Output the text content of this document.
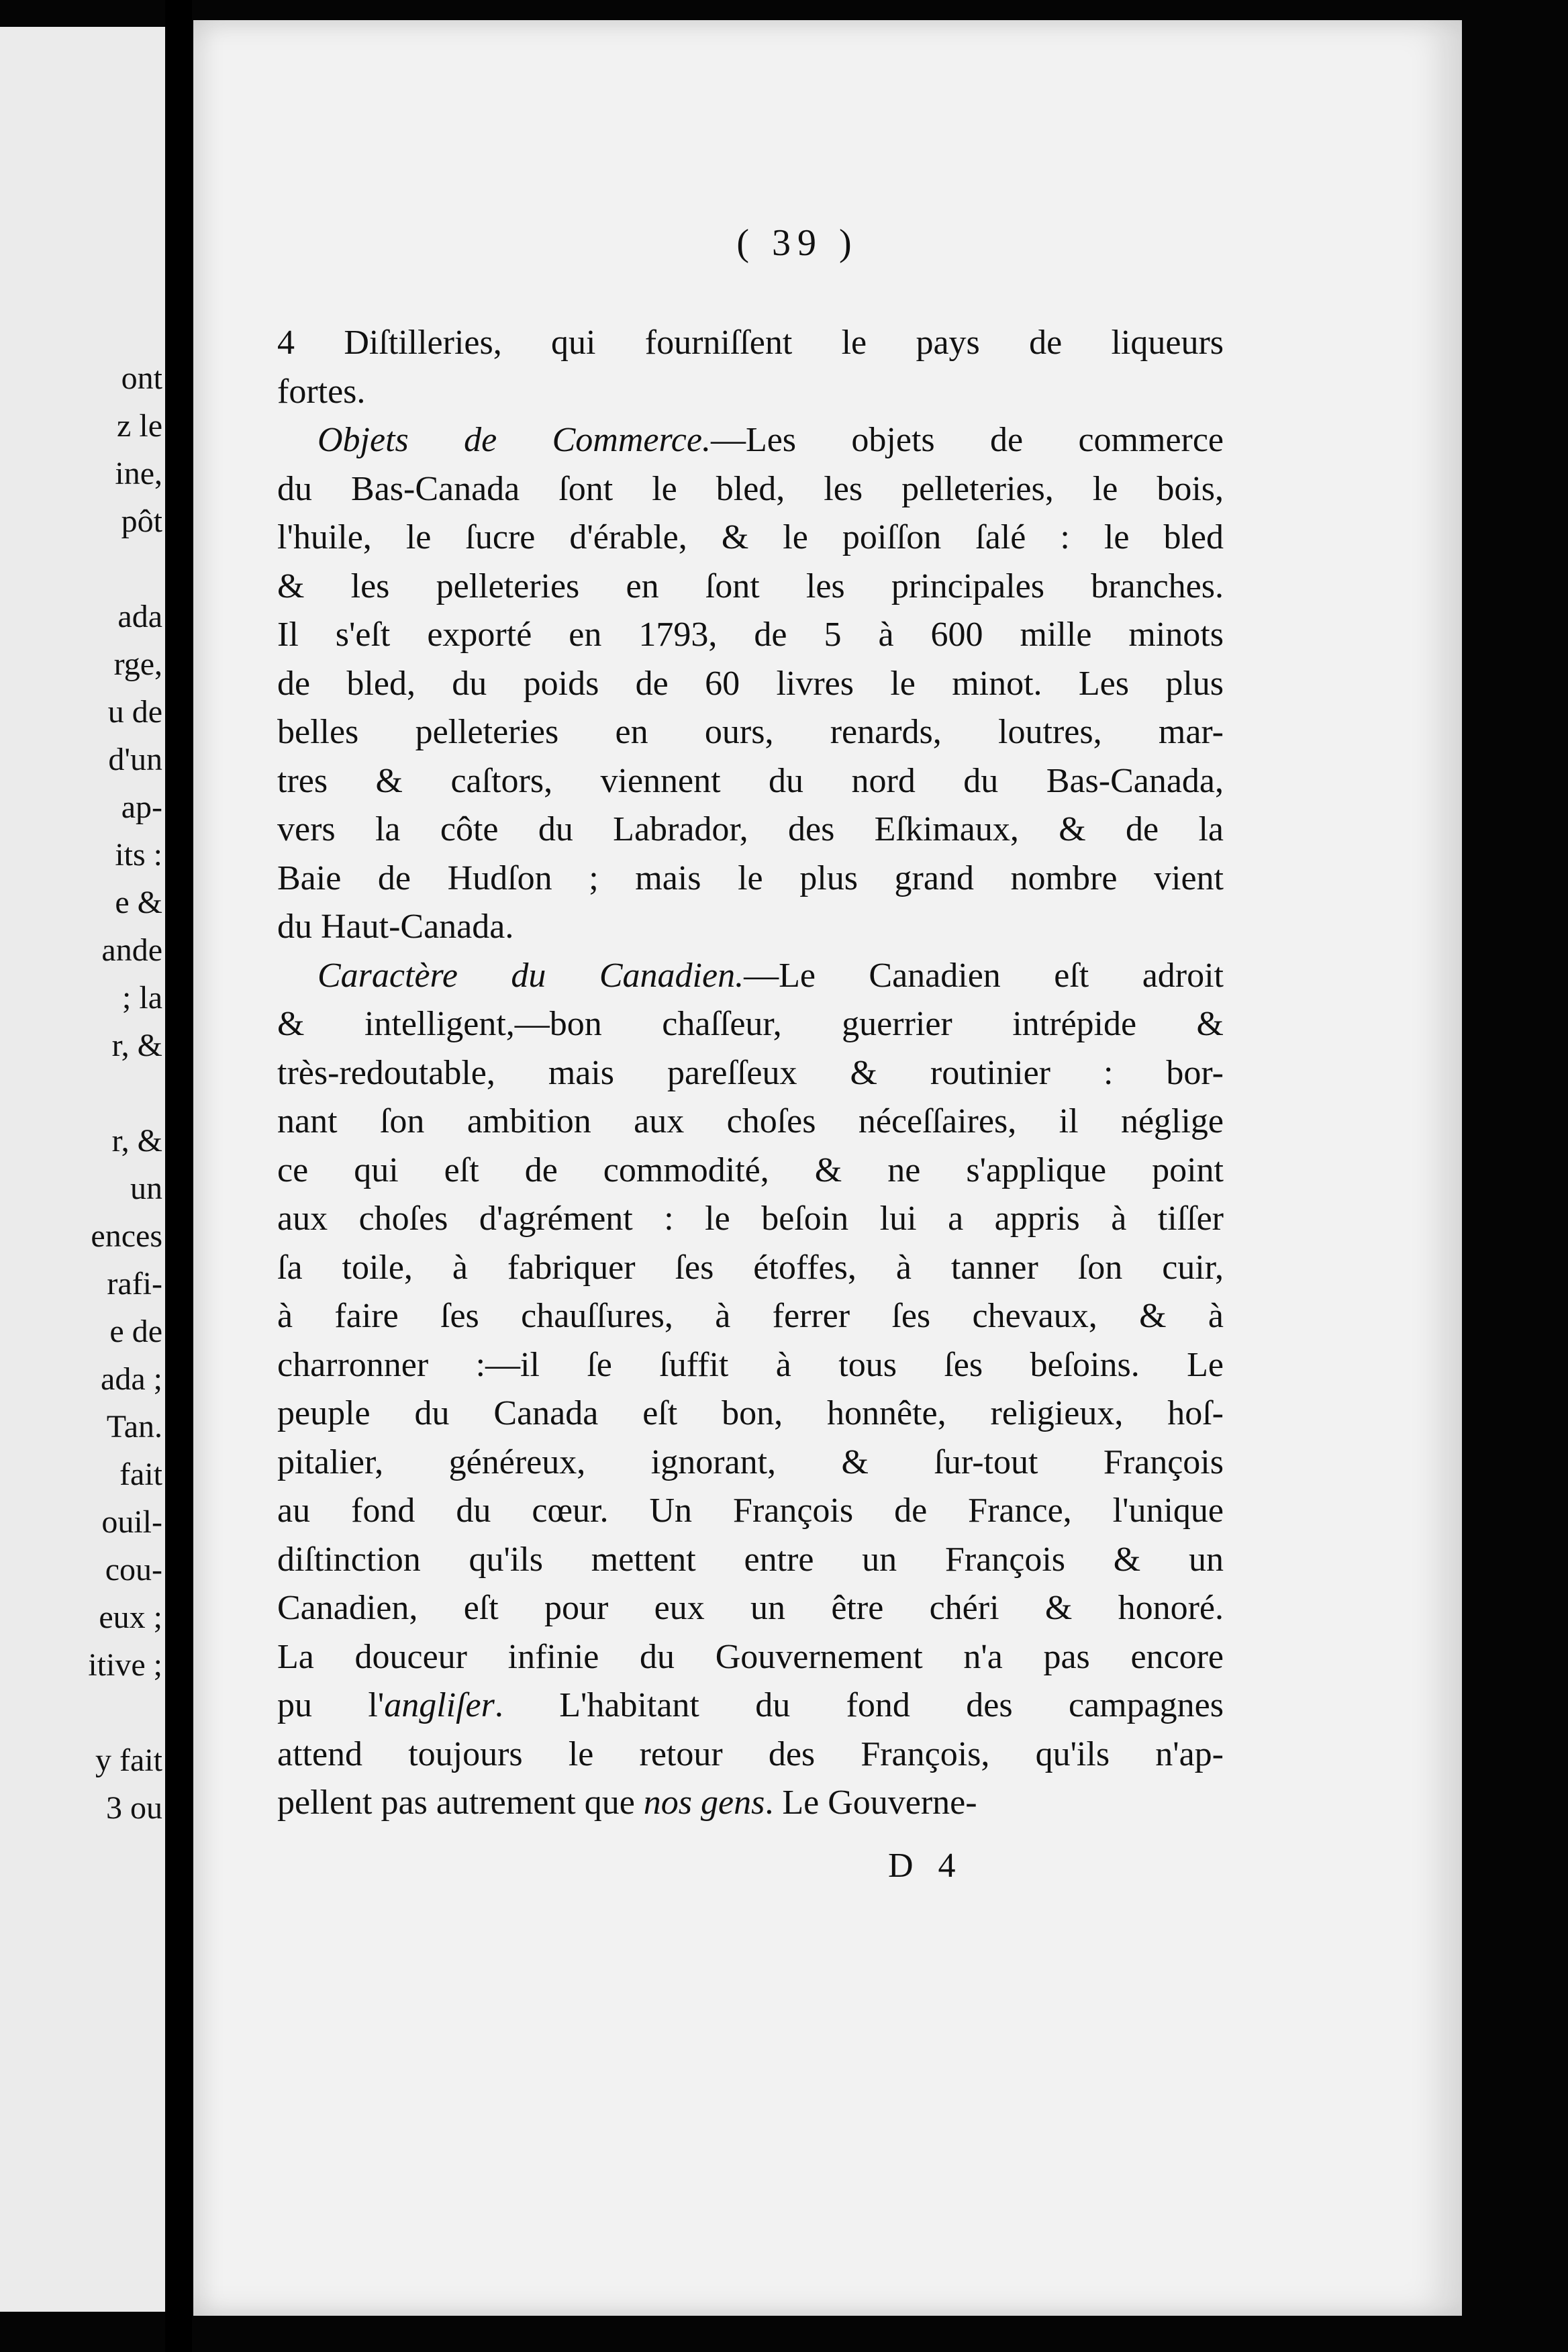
ont
z le
ine,
pôt
ada
rge,
u de
d'un
ap-
its :
e &
ande
; la
r, &
r, &
un
ences
rafi-
e de
ada ;
Tan.
fait
ouil-
cou-
eux ;
itive ;
y fait
3 ou
( 39 )
4 Diſtilleries, qui fourniſſent le pays de liqueurs
fortes.
Objets de Commerce.—Les objets de commerce
du Bas-Canada ſont le bled, les pelleteries, le bois,
l'huile, le ſucre d'érable, & le poiſſon ſalé : le bled
& les pelleteries en ſont les principales branches.
Il s'eſt exporté en 1793, de 5 à 600 mille minots
de bled, du poids de 60 livres le minot. Les plus
belles pelleteries en ours, renards, loutres, mar-
tres & caſtors, viennent du nord du Bas-Canada,
vers la côte du Labrador, des Eſkimaux, & de la
Baie de Hudſon ; mais le plus grand nombre vient
du Haut-Canada.
Caractère du Canadien.—Le Canadien eſt adroit
& intelligent,—bon chaſſeur, guerrier intrépide &
très-redoutable, mais pareſſeux & routinier : bor-
nant ſon ambition aux choſes néceſſaires, il néglige
ce qui eſt de commodité, & ne s'applique point
aux choſes d'agrément : le beſoin lui a appris à tiſſer
ſa toile, à fabriquer ſes étoffes, à tanner ſon cuir,
à faire ſes chauſſures, à ferrer ſes chevaux, & à
charronner :—il ſe ſuffit à tous ſes beſoins. Le
peuple du Canada eſt bon, honnête, religieux, hoſ-
pitalier, généreux, ignorant, & ſur-tout François
au fond du cœur. Un François de France, l'unique
diſtinction qu'ils mettent entre un François & un
Canadien, eſt pour eux un être chéri & honoré.
La douceur infinie du Gouvernement n'a pas encore
pu l'angliſer. L'habitant du fond des campagnes
attend toujours le retour des François, qu'ils n'ap-
pellent pas autrement que nos gens. Le Gouverne-
D 4
